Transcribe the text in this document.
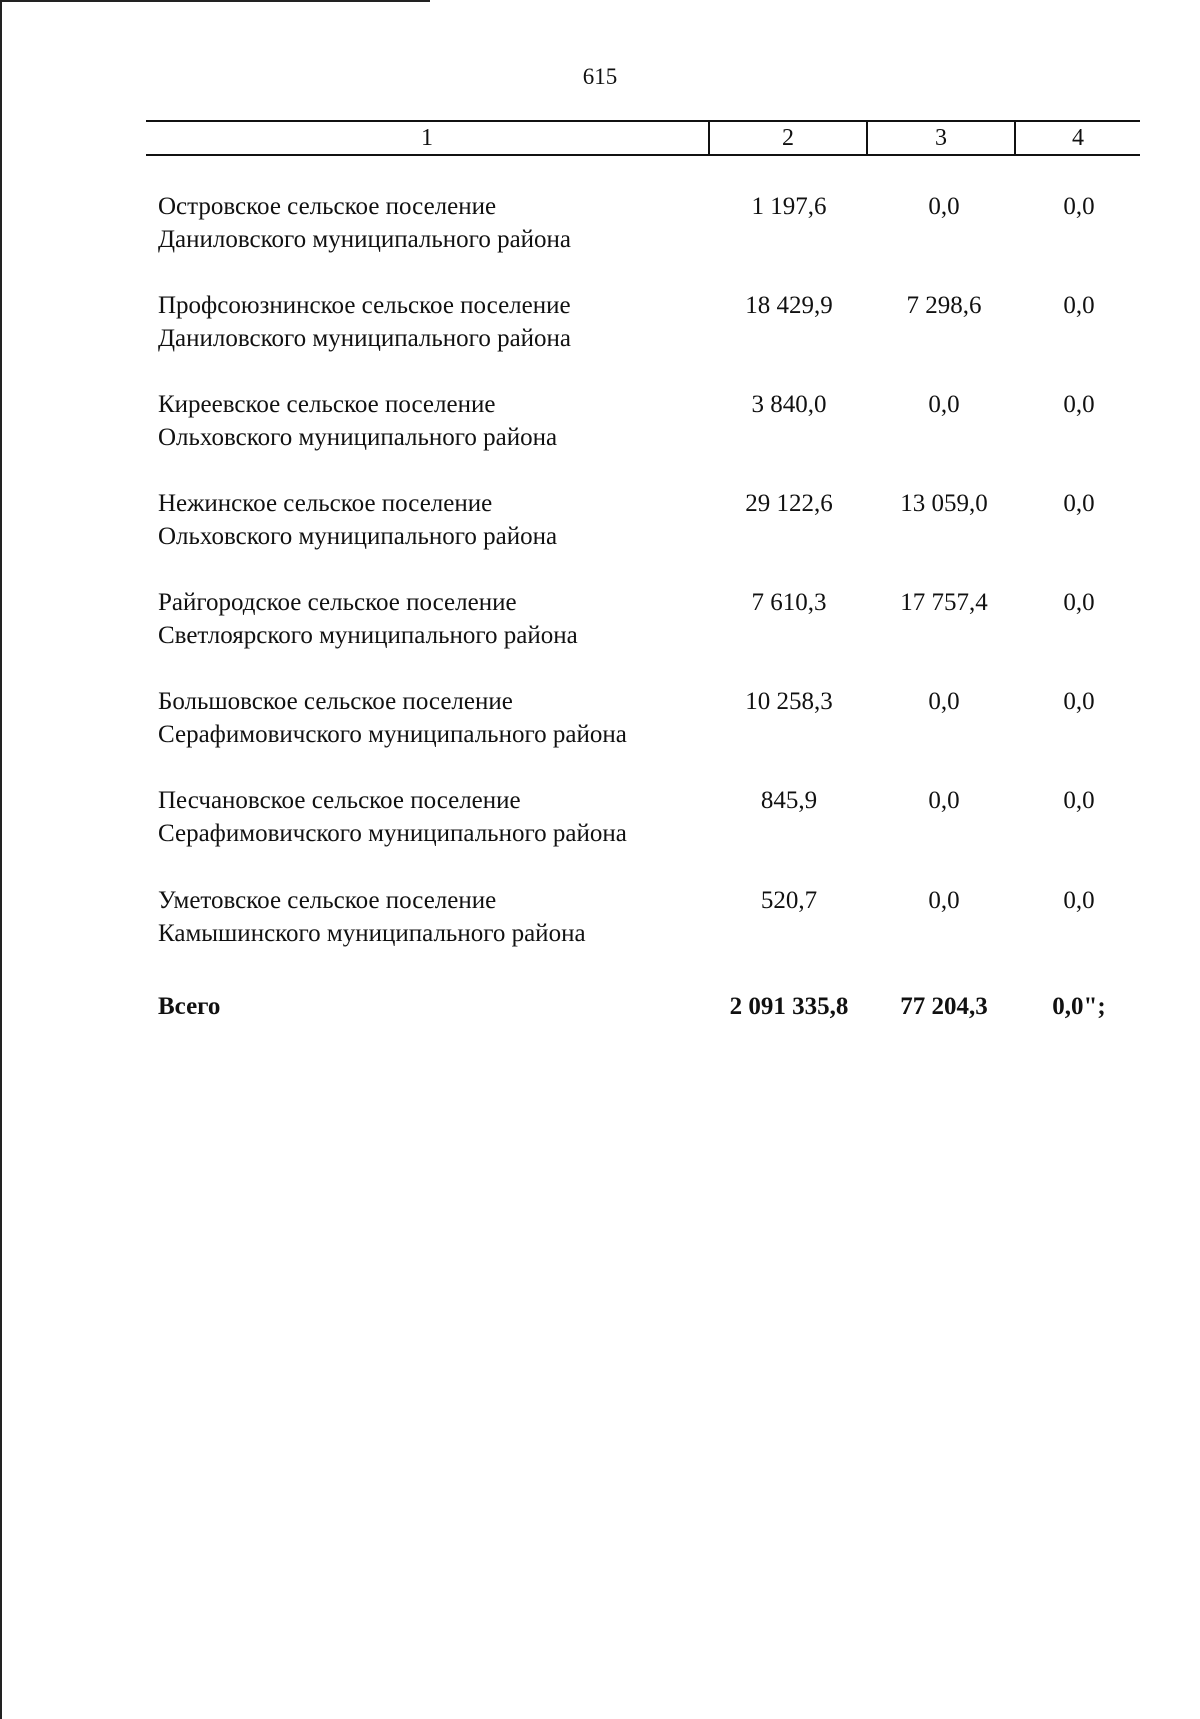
615
1	2	3	4
Островское сельское поселение
Даниловского муниципального района
1 197,6	0,0	0,0
Профсоюзнинское сельское поселение
Даниловского муниципального района
18 429,9	7 298,6	0,0
Киреевское сельское поселение
Ольховского муниципального района
3 840,0	0,0	0,0
Нежинское сельское поселение
Ольховского муниципального района
29 122,6	13 059,0	0,0
Райгородское сельское поселение
Светлоярского муниципального района
7 610,3	17 757,4	0,0
Большовское сельское поселение
Серафимовичского муниципального района
10 258,3	0,0	0,0
Песчановское сельское поселение
Серафимовичского муниципального района
845,9	0,0	0,0
Уметовское сельское поселение
Камышинского муниципального района
520,7	0,0	0,0
Всего	2 091 335,8	77 204,3	0,0";
